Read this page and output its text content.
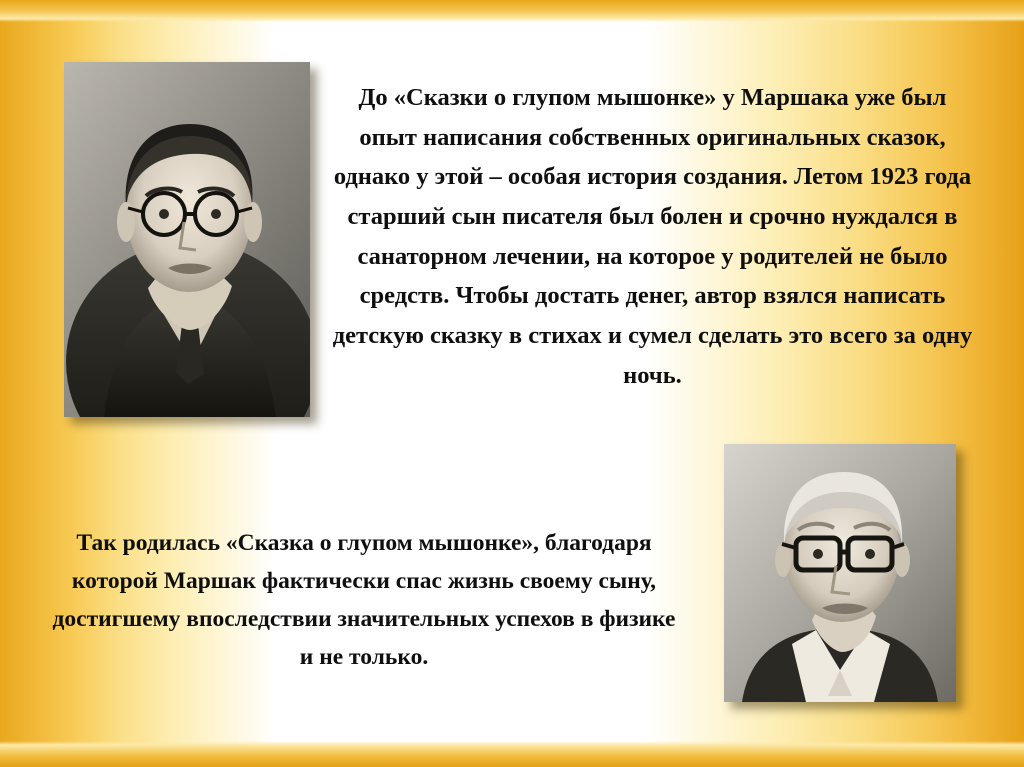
До «Сказки о глупом мышонке» у Маршака уже был опыт написания собственных оригинальных сказок, однако у этой – особая история создания. Летом 1923 года старший сын писателя был болен и срочно нуждался в санаторном лечении, на которое у родителей не было средств. Чтобы достать денег, автор взялся написать детскую сказку в стихах и сумел сделать это всего за одну ночь.
Так родилась «Сказка о глупом мышонке», благодаря которой Маршак фактически спас жизнь своему сыну, достигшему впоследствии значительных успехов в физике и не только.
